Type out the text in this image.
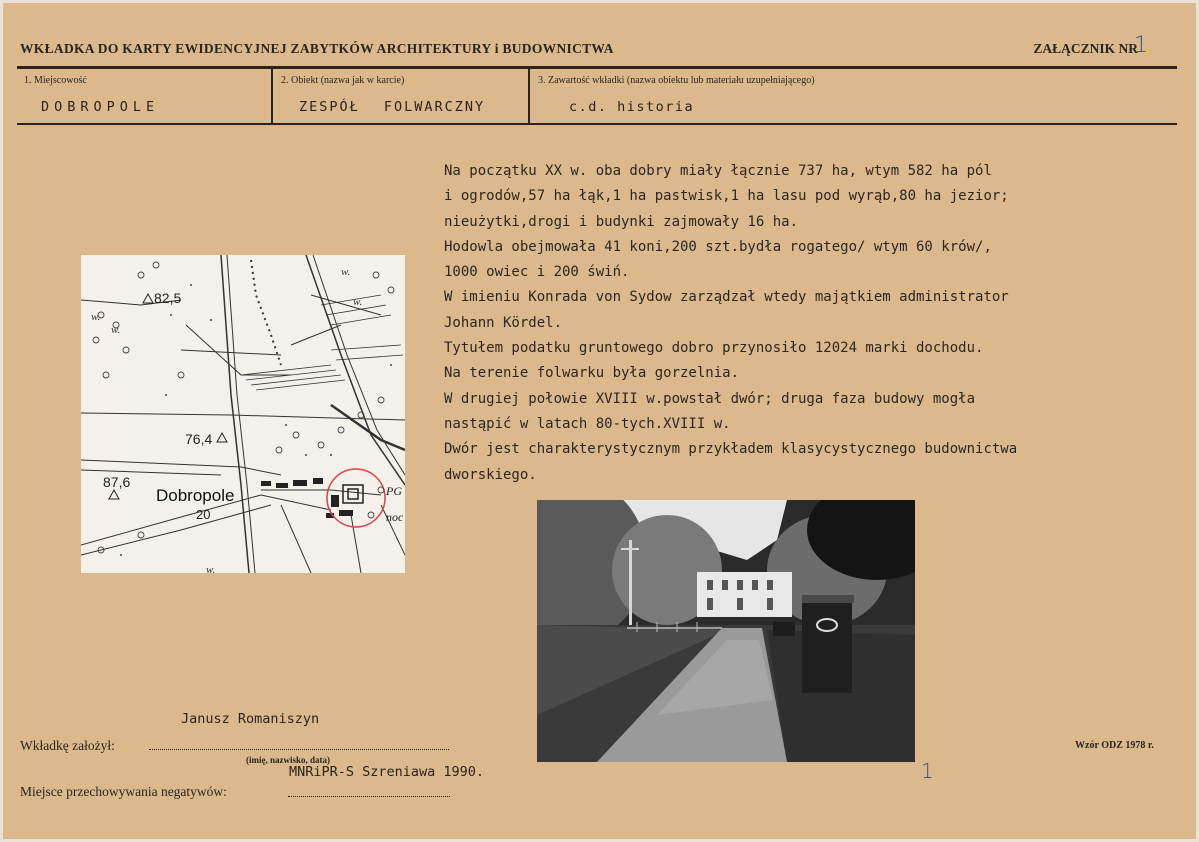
WKŁADKA DO KARTY EWIDENCYJNEJ ZABYTKÓW ARCHITEKTURY i BUDOWNICTWA	ZAŁĄCZNIK NR
1
1. Miejscowość	2. Obiekt (nazwa jak w karcie)	3. Zawartość wkładki (nazwa obiektu lub materiału uzupełniającego)
DOBROPOLE	ZESPÓŁ FOLWARCZNY	c.d. historia
Na początku XX w. oba dobry miały łącznie 737 ha, wtym 582 ha pól
i ogrodów,57 ha łąk,1 ha pastwisk,1 ha lasu pod wyrąb,80 ha jezior;
nieużytki,drogi i budynki zajmowały 16 ha.
Hodowla obejmowała 41 koni,200 szt.bydła rogatego/ wtym 60 krów/,
1000 owiec i 200 świń.
W imieniu Konrada von Sydow zarządzał wtedy majątkiem administrator
Johann Kördel.
Tytułem podatku gruntowego dobro przynosiło 12024 marki dochodu.
Na terenie folwarku była gorzelnia.
W drugiej połowie XVIII w.powstał dwór; druga faza budowy mogła
nastąpić w latach 80-tych.XVIII w.
Dwór jest charakterystycznym przykładem klasycystycznego budownictwa
dworskiego.
82,5
76,4
87,6
Dobropole
20
PG
noc
w.
w.
w.
w.
w.
Janusz Romaniszyn
Wkładkę założył:
(imię, nazwisko, data)
MNRiPR-S Szreniawa 1990.
Miejsce przechowywania negatywów:
Wzór ODZ 1978 r.
1
